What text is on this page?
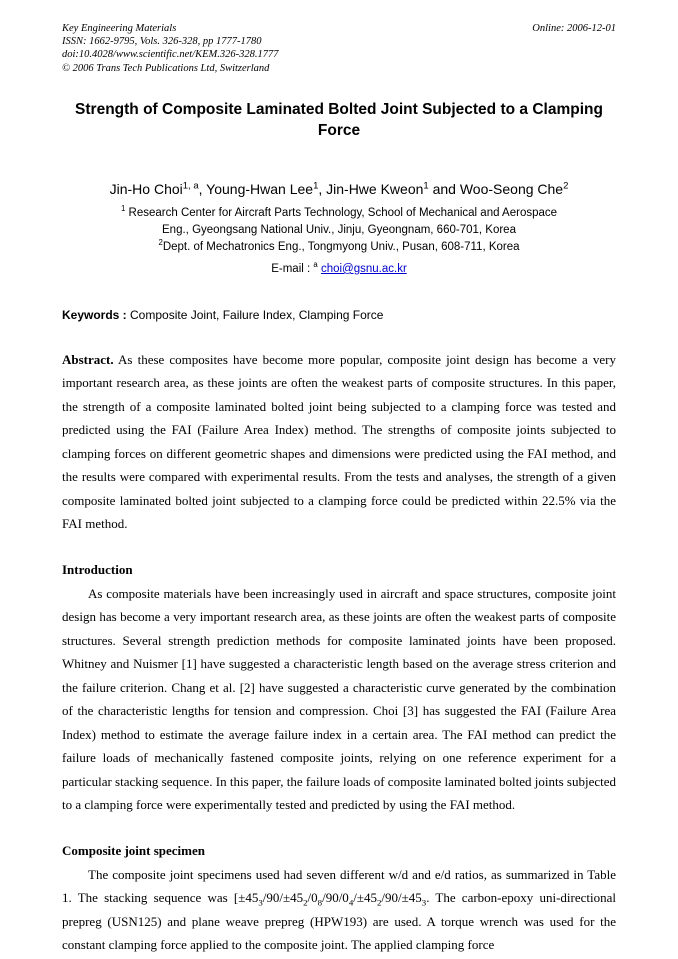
Key Engineering Materials
ISSN: 1662-9795, Vols. 326-328, pp 1777-1780
doi:10.4028/www.scientific.net/KEM.326-328.1777
© 2006 Trans Tech Publications Ltd, Switzerland
Online: 2006-12-01
Strength of Composite Laminated Bolted Joint Subjected to a Clamping Force
Jin-Ho Choi$^{1, a}$, Young-Hwan Lee$^1$, Jin-Hwe Kweon$^1$ and Woo-Seong Che$^2$
$^1$ Research Center for Aircraft Parts Technology, School of Mechanical and Aerospace
Eng., Gyeongsang National Univ., Jinju, Gyeongnam, 660-701, Korea
$^2$Dept. of Mechatronics Eng., Tongmyong Univ., Pusan, 608-711, Korea
E-mail : $^a$ choi@gsnu.ac.kr
Keywords : Composite Joint, Failure Index, Clamping Force
Abstract. As these composites have become more popular, composite joint design has become a very important research area, as these joints are often the weakest parts of composite structures. In this paper, the strength of a composite laminated bolted joint being subjected to a clamping force was tested and predicted using the FAI (Failure Area Index) method. The strengths of composite joints subjected to clamping forces on different geometric shapes and dimensions were predicted using the FAI method, and the results were compared with experimental results. From the tests and analyses, the strength of a given composite laminated bolted joint subjected to a clamping force could be predicted within 22.5% via the FAI method.
Introduction
As composite materials have been increasingly used in aircraft and space structures, composite joint design has become a very important research area, as these joints are often the weakest parts of composite structures. Several strength prediction methods for composite laminated joints have been proposed. Whitney and Nuismer [1] have suggested a characteristic length based on the average stress criterion and the failure criterion. Chang et al. [2] have suggested a characteristic curve generated by the combination of the characteristic lengths for tension and compression. Choi [3] has suggested the FAI (Failure Area Index) method to estimate the average failure index in a certain area. The FAI method can predict the failure loads of mechanically fastened composite joints, relying on one reference experiment for a particular stacking sequence. In this paper, the failure loads of composite laminated bolted joints subjected to a clamping force were experimentally tested and predicted by using the FAI method.
Composite joint specimen
The composite joint specimens used had seven different w/d and e/d ratios, as summarized in Table 1. The stacking sequence was [$\pm 45_3/90/\pm 45_2/0_8/90/0_4/\pm 45_2/90/\pm 45_3$. The carbon-epoxy uni-directional prepreg (USN125) and plane weave prepreg (HPW193) are used. A torque wrench was used for the constant clamping force applied to the composite joint. The applied clamping force
